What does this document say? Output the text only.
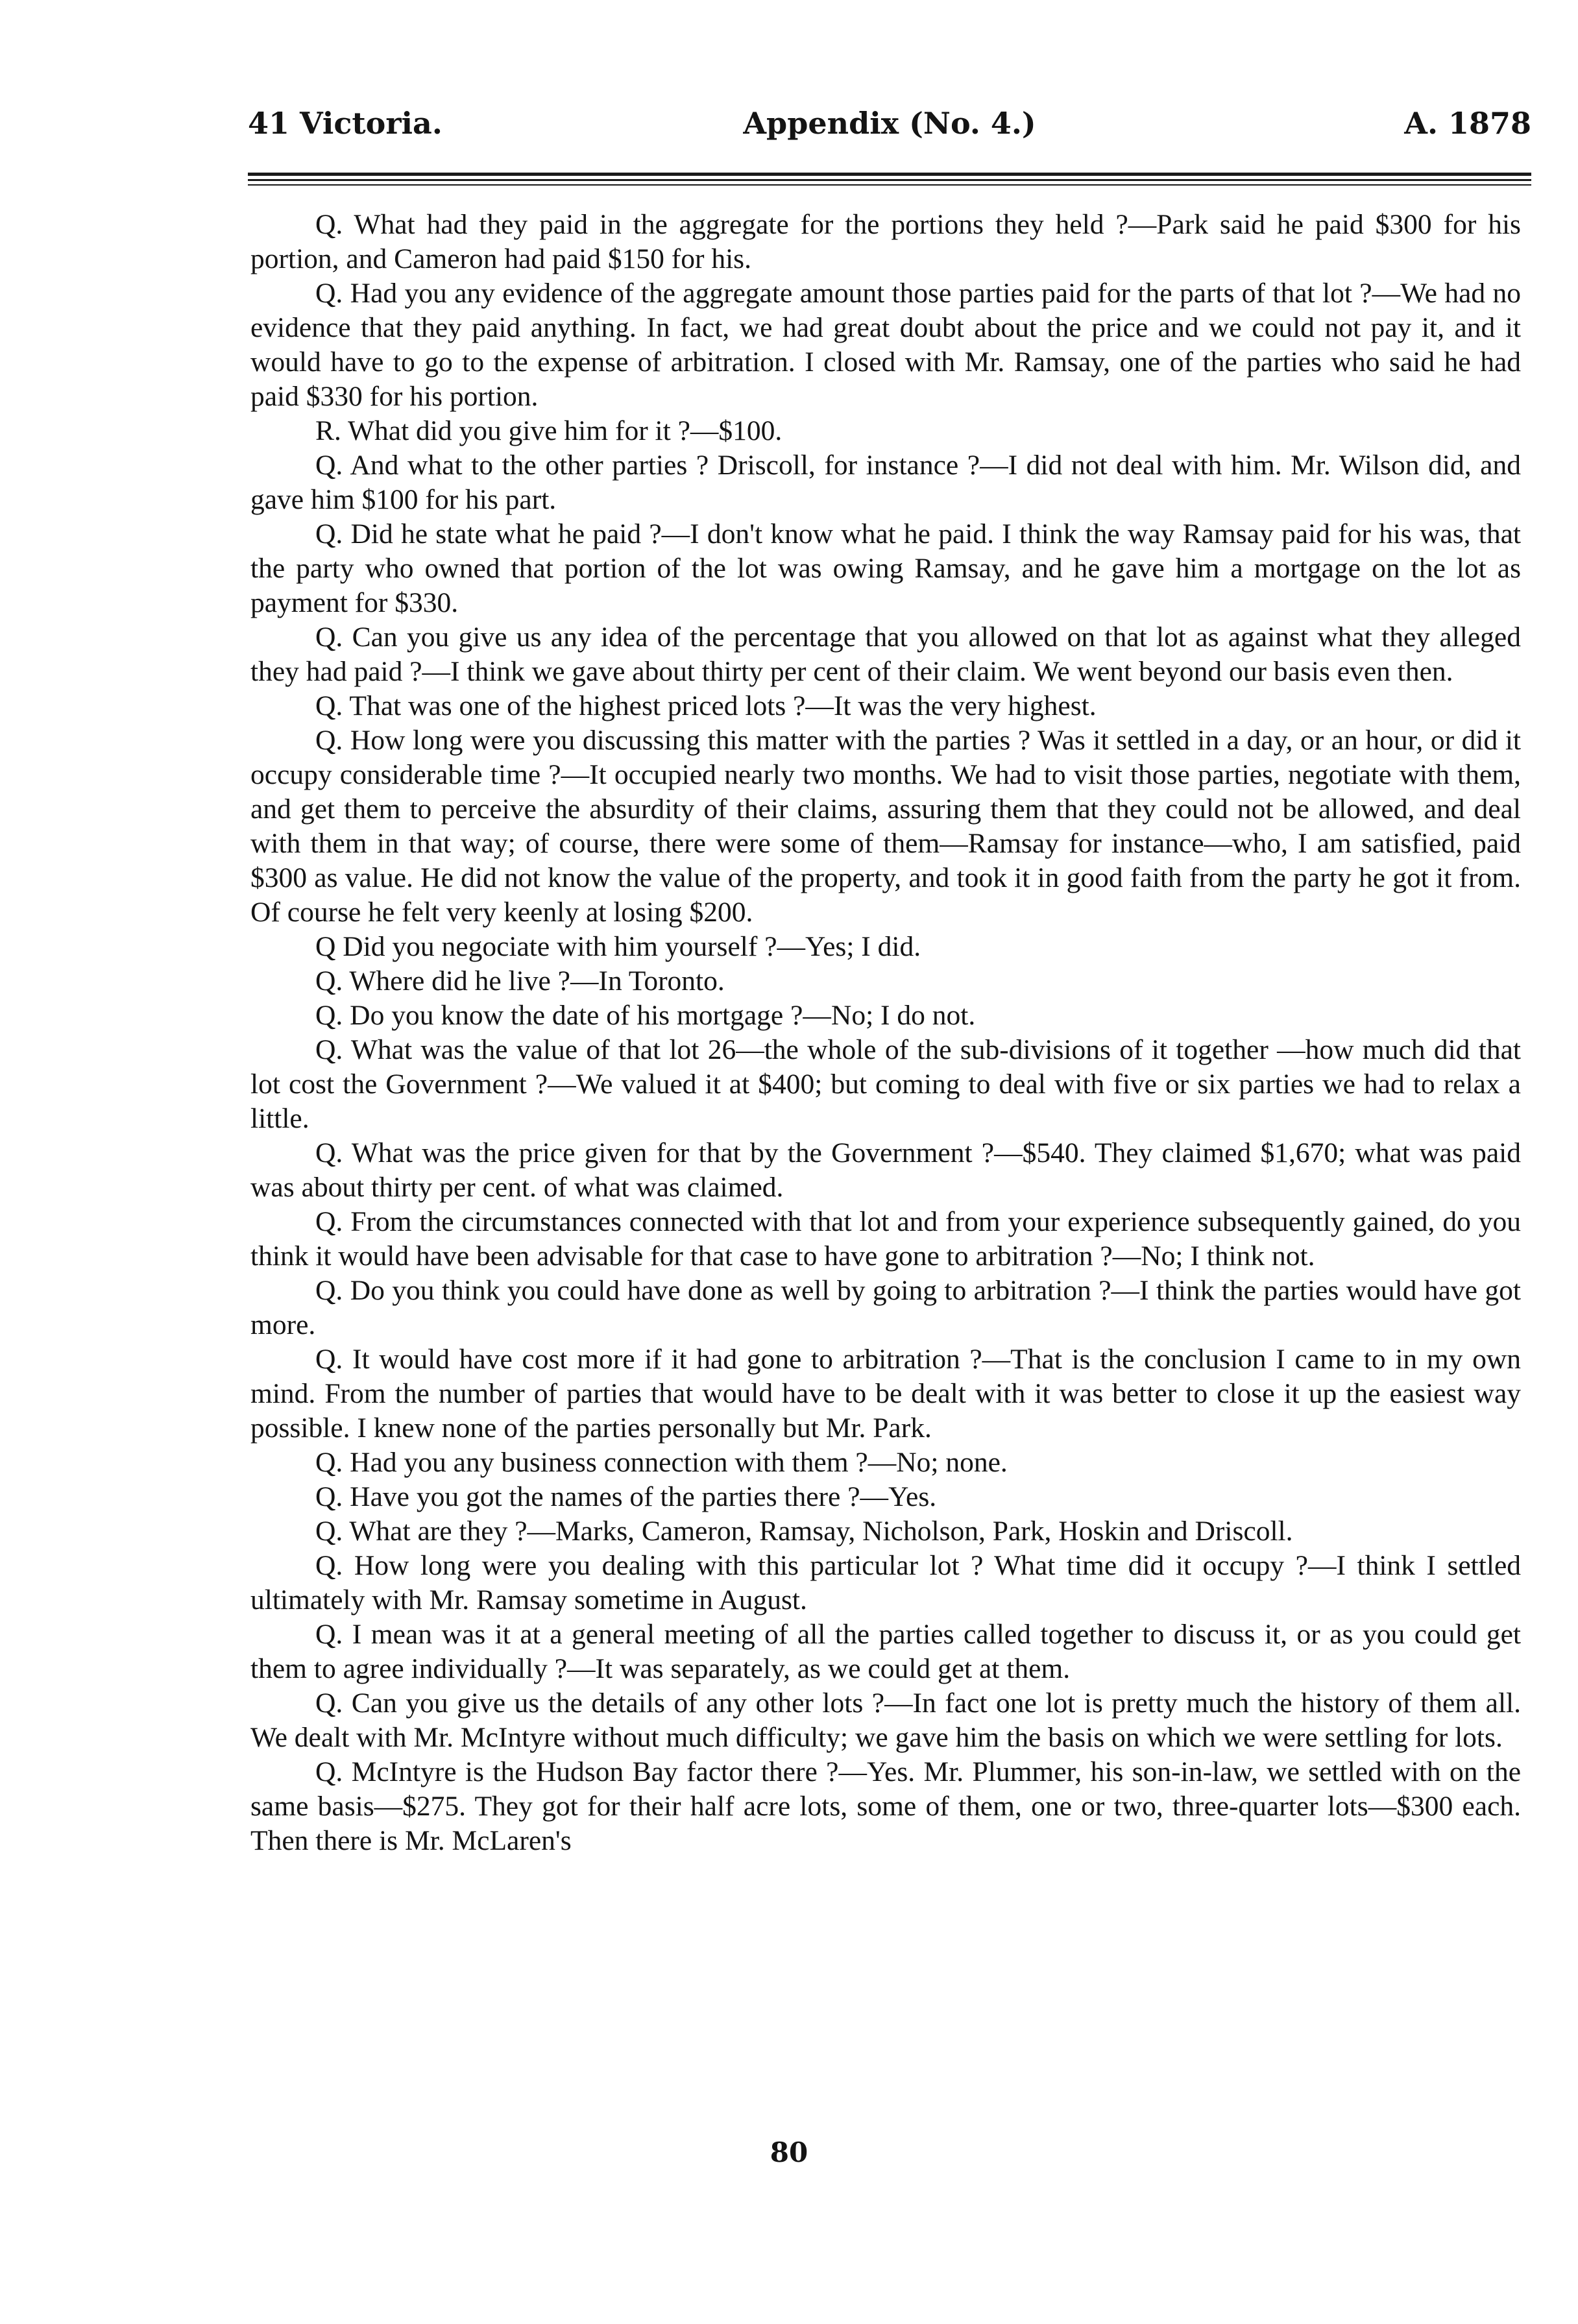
41 Victoria.	Appendix (No. 4.)	A. 1878

Q. What had they paid in the aggregate for the portions they held ?—Park said he paid $300 for his portion, and Cameron had paid $150 for his.

Q. Had you any evidence of the aggregate amount those parties paid for the parts of that lot ?—We had no evidence that they paid anything. In fact, we had great doubt about the price and we could not pay it, and it would have to go to the expense of arbitration. I closed with Mr. Ramsay, one of the parties who said he had paid $330 for his portion.

R. What did you give him for it ?—$100.

Q. And what to the other parties ? Driscoll, for instance ?—I did not deal with him. Mr. Wilson did, and gave him $100 for his part.

Q. Did he state what he paid ?—I don't know what he paid. I think the way Ramsay paid for his was, that the party who owned that portion of the lot was owing Ramsay, and he gave him a mortgage on the lot as payment for $330.

Q. Can you give us any idea of the percentage that you allowed on that lot as against what they alleged they had paid ?—I think we gave about thirty per cent of their claim. We went beyond our basis even then.

Q. That was one of the highest priced lots ?—It was the very highest.

Q. How long were you discussing this matter with the parties ? Was it settled in a day, or an hour, or did it occupy considerable time ?—It occupied nearly two months. We had to visit those parties, negotiate with them, and get them to perceive the absurdity of their claims, assuring them that they could not be allowed, and deal with them in that way; of course, there were some of them—Ramsay for instance—who, I am satisfied, paid $300 as value. He did not know the value of the property, and took it in good faith from the party he got it from. Of course he felt very keenly at losing $200.

Q Did you negociate with him yourself ?—Yes; I did.

Q. Where did he live ?—In Toronto.

Q. Do you know the date of his mortgage ?—No; I do not.

Q. What was the value of that lot 26—the whole of the sub-divisions of it together —how much did that lot cost the Government ?—We valued it at $400; but coming to deal with five or six parties we had to relax a little.

Q. What was the price given for that by the Government ?—$540. They claimed $1,670; what was paid was about thirty per cent. of what was claimed.

Q. From the circumstances connected with that lot and from your experience subsequently gained, do you think it would have been advisable for that case to have gone to arbitration ?—No; I think not.

Q. Do you think you could have done as well by going to arbitration ?—I think the parties would have got more.

Q. It would have cost more if it had gone to arbitration ?—That is the conclusion I came to in my own mind. From the number of parties that would have to be dealt with it was better to close it up the easiest way possible. I knew none of the parties personally but Mr. Park.

Q. Had you any business connection with them ?—No; none.

Q. Have you got the names of the parties there ?—Yes.

Q. What are they ?—Marks, Cameron, Ramsay, Nicholson, Park, Hoskin and Driscoll.

Q. How long were you dealing with this particular lot ? What time did it occupy ?—I think I settled ultimately with Mr. Ramsay sometime in August.

Q. I mean was it at a general meeting of all the parties called together to discuss it, or as you could get them to agree individually ?—It was separately, as we could get at them.

Q. Can you give us the details of any other lots ?—In fact one lot is pretty much the history of them all. We dealt with Mr. McIntyre without much difficulty; we gave him the basis on which we were settling for lots.

Q. McIntyre is the Hudson Bay factor there ?—Yes. Mr. Plummer, his son-in-law, we settled with on the same basis—$275. They got for their half acre lots, some of them, one or two, three-quarter lots—$300 each. Then there is Mr. McLaren's

80
